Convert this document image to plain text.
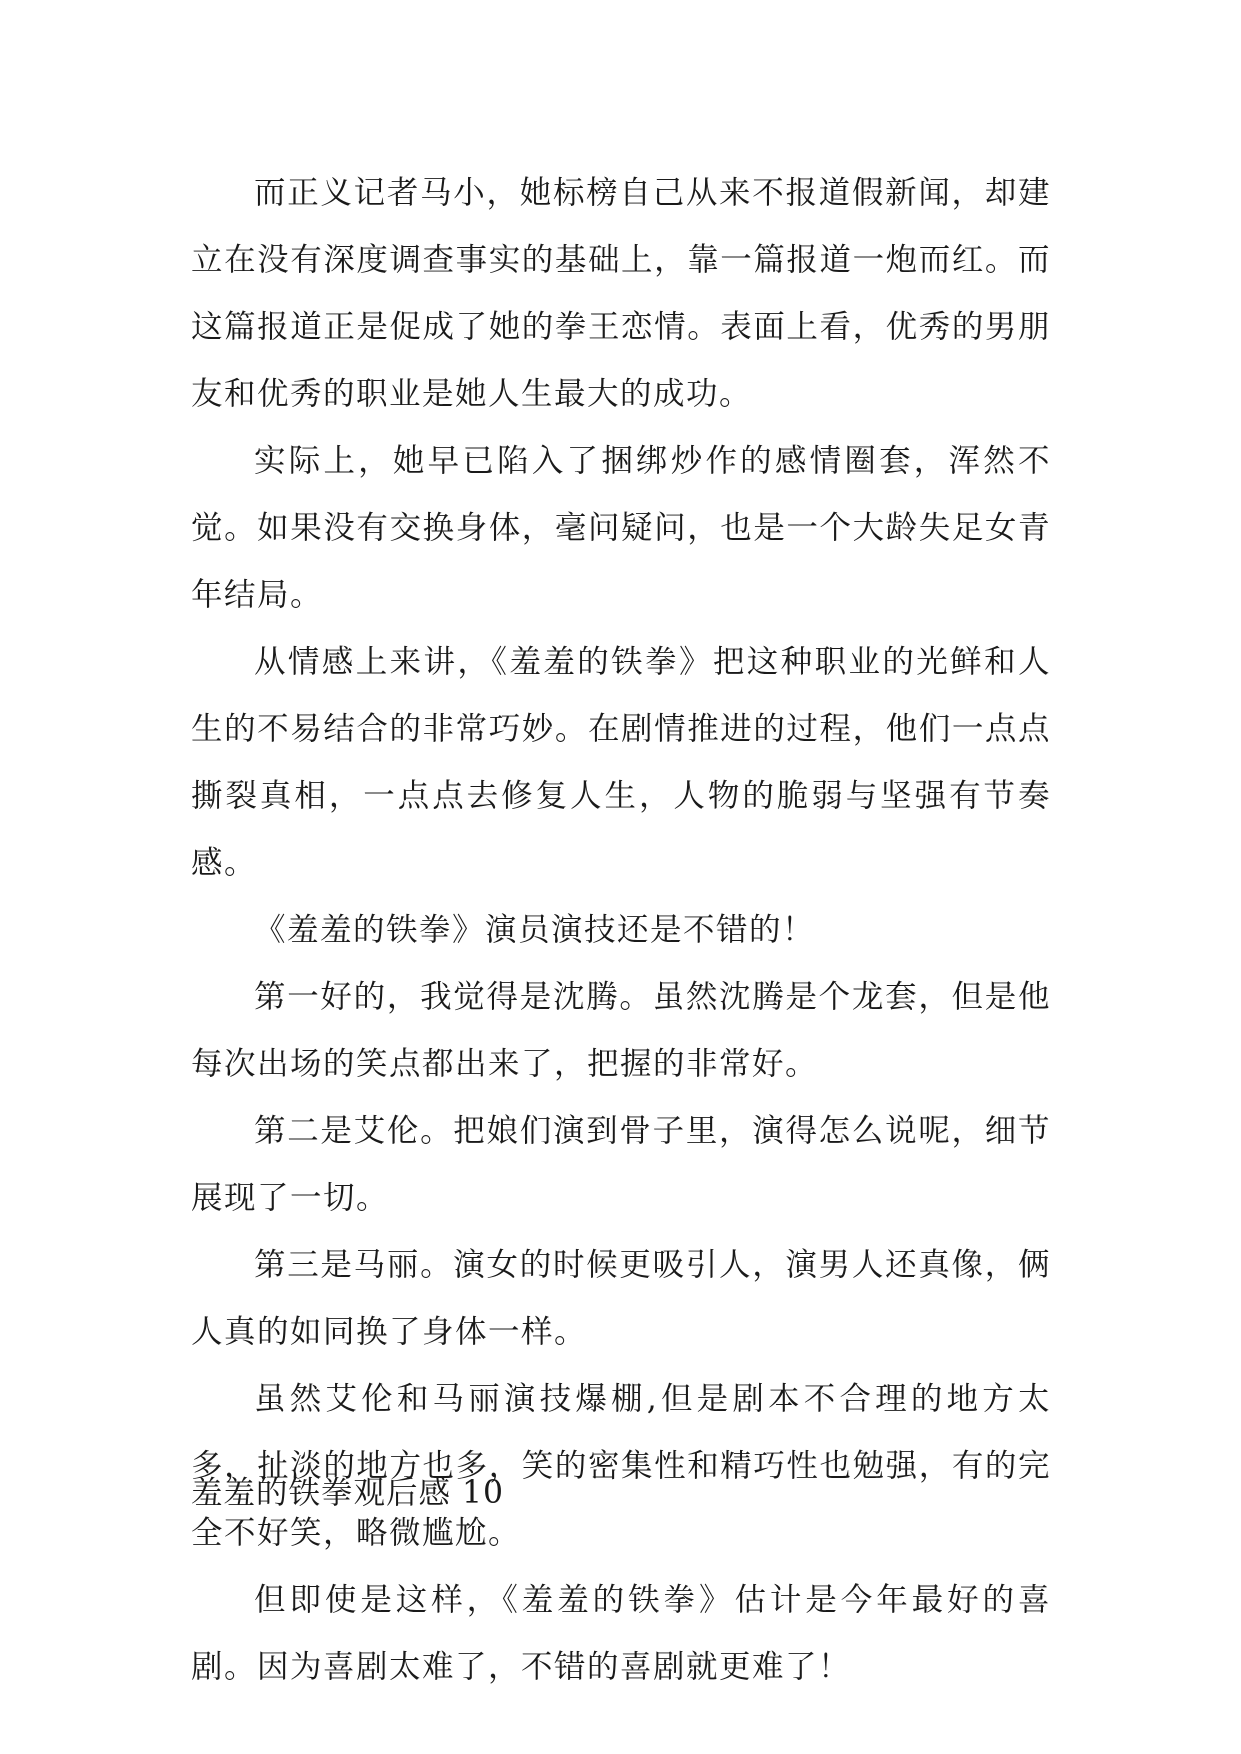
而正义记者马小，她标榜自己从来不报道假新闻，却建立在没有深度调查事实的基础上，靠一篇报道一炮而红。而这篇报道正是促成了她的拳王恋情。表面上看，优秀的男朋友和优秀的职业是她人生最大的成功。

实际上，她早已陷入了捆绑炒作的感情圈套，浑然不觉。如果没有交换身体，毫问疑问，也是一个大龄失足女青年结局。

从情感上来讲，《羞羞的铁拳》把这种职业的光鲜和人生的不易结合的非常巧妙。在剧情推进的过程，他们一点点撕裂真相，一点点去修复人生，人物的脆弱与坚强有节奏感。

《羞羞的铁拳》演员演技还是不错的！

第一好的，我觉得是沈腾。虽然沈腾是个龙套，但是他每次出场的笑点都出来了，把握的非常好。

第二是艾伦。把娘们演到骨子里，演得怎么说呢，细节展现了一切。

第三是马丽。演女的时候更吸引人，演男人还真像，俩人真的如同换了身体一样。

虽然艾伦和马丽演技爆棚,但是剧本不合理的地方太多，扯淡的地方也多，笑的密集性和精巧性也勉强，有的完全不好笑，略微尴尬。

但即使是这样，《羞羞的铁拳》估计是今年最好的喜剧。因为喜剧太难了，不错的喜剧就更难了！

羞羞的铁拳观后感 10
